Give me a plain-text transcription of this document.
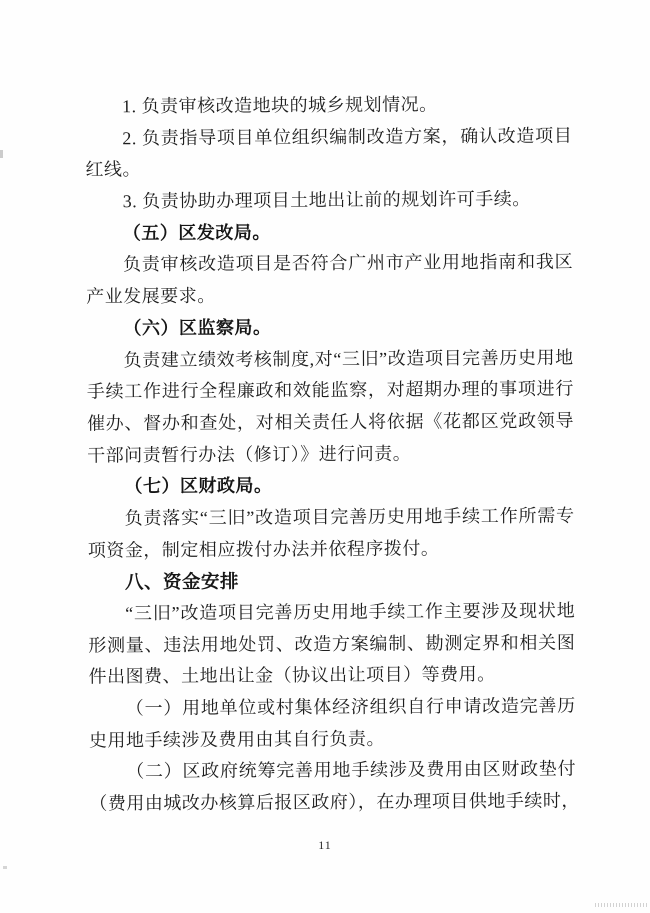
1. 负责审核改造地块的城乡规划情况。
2. 负责指导项目单位组织编制改造方案，确认改造项目
红线。
3. 负责协助办理项目土地出让前的规划许可手续。
（五）区发改局。
负责审核改造项目是否符合广州市产业用地指南和我区
产业发展要求。
（六）区监察局。
负责建立绩效考核制度,对“三旧”改造项目完善历史用地
手续工作进行全程廉政和效能监察，对超期办理的事项进行
催办、督办和查处，对相关责任人将依据《花都区党政领导
干部问责暂行办法（修订）》进行问责。
（七）区财政局。
负责落实“三旧”改造项目完善历史用地手续工作所需专
项资金，制定相应拨付办法并依程序拨付。
八、资金安排
“三旧”改造项目完善历史用地手续工作主要涉及现状地
形测量、违法用地处罚、改造方案编制、勘测定界和相关图
件出图费、土地出让金（协议出让项目）等费用。
（一）用地单位或村集体经济组织自行申请改造完善历
史用地手续涉及费用由其自行负责。
（二）区政府统筹完善用地手续涉及费用由区财政垫付
（费用由城改办核算后报区政府），在办理项目供地手续时，
11
